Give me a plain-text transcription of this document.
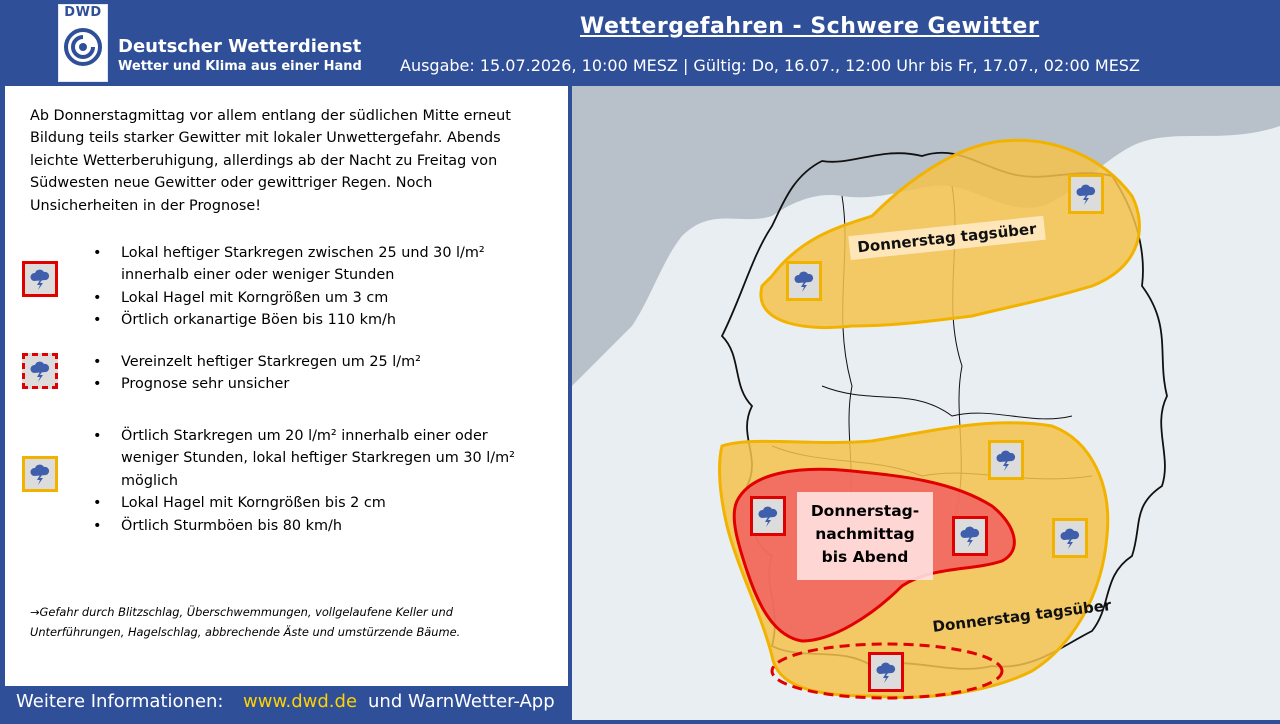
DWD
Deutscher Wetterdienst
Wetter und Klima aus einer Hand
Wettergefahren - Schwere Gewitter
Ausgabe: 15.07.2026, 10:00 MESZ | Gültig: Do, 16.07., 12:00 Uhr bis Fr, 17.07., 02:00 MESZ
Ab Donnerstagmittag vor allem entlang der südlichen Mitte erneut
Bildung teils starker Gewitter mit lokaler Unwettergefahr. Abends
leichte Wetterberuhigung, allerdings ab der Nacht zu Freitag von
Südwesten neue Gewitter oder gewittriger Regen. Noch
Unsicherheiten in der Prognose!
• Lokal heftiger Starkregen zwischen 25 und 30 l/m² innerhalb einer oder weniger Stunden
• Lokal Hagel mit Korngrößen um 3 cm
• Örtlich orkanartige Böen bis 110 km/h
• Vereinzelt heftiger Starkregen um 25 l/m²
• Prognose sehr unsicher
• Örtlich Starkregen um 20 l/m² innerhalb einer oder weniger Stunden, lokal heftiger Starkregen um 30 l/m² möglich
• Lokal Hagel mit Korngrößen bis 2 cm
• Örtlich Sturmböen bis 80 km/h
→Gefahr durch Blitzschlag, Überschwemmungen, vollgelaufene Keller und Unterführungen, Hagelschlag, abbrechende Äste und umstürzende Bäume.
Weitere Informationen: www.dwd.de und WarnWetter-App
Donnerstag tagsüber
Donnerstag tagsüber
Donnerstag-
nachmittag
bis Abend
